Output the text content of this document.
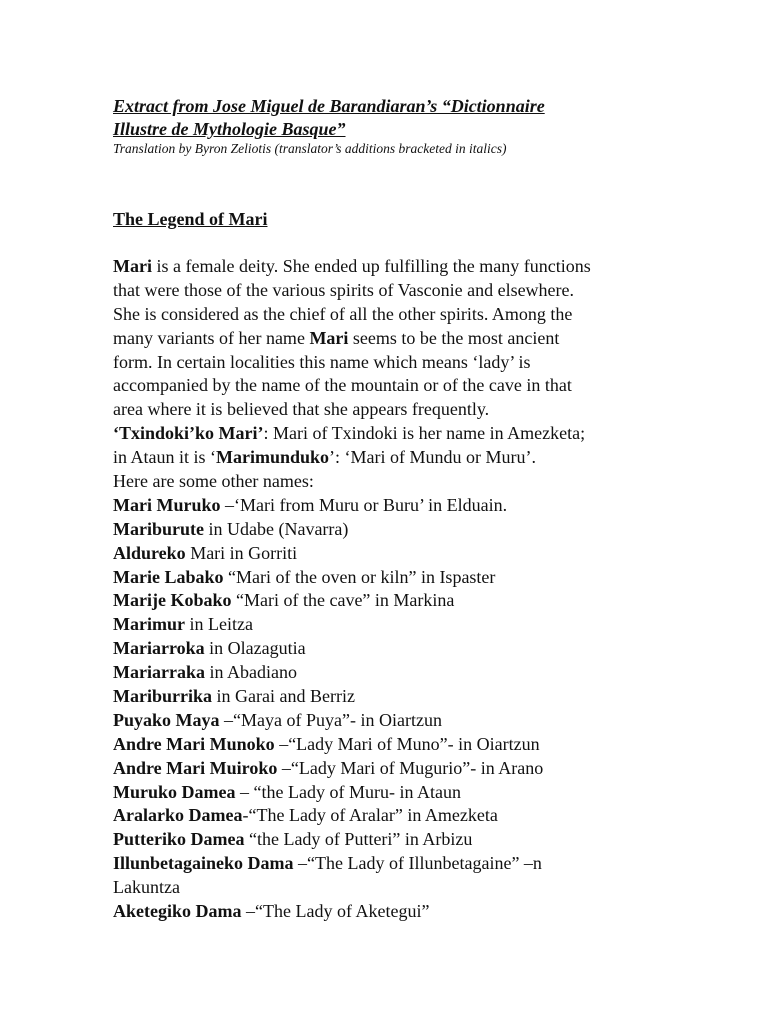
Extract from Jose Miguel de Barandiaran’s “Dictionnaire
Illustre de Mythologie Basque”
Translation by Byron Zeliotis (translator’s additions bracketed in italics)
The Legend of Mari
Mari is a female deity. She ended up fulfilling the many functions
that were those of the various spirits of Vasconie and elsewhere.
She is considered as the chief of all the other spirits. Among the
many variants of her name Mari seems to be the most ancient
form. In certain localities this name which means ‘lady’ is
accompanied by the name of the mountain or of the cave in that
area where it is believed that she appears frequently.
‘Txindoki’ko Mari’: Mari of Txindoki is her name in Amezketa;
in Ataun it is ‘Marimunduko’: ‘Mari of Mundu or Muru’.
Here are some other names:
Mari Muruko –‘Mari from Muru or Buru’ in Elduain.
Mariburute in Udabe (Navarra)
Aldureko Mari in Gorriti
Marie Labako “Mari of the oven or kiln” in Ispaster
Marije Kobako “Mari of the cave” in Markina
Marimur in Leitza
Mariarroka in Olazagutia
Mariarraka in Abadiano
Mariburrika in Garai and Berriz
Puyako Maya –“Maya of Puya”- in Oiartzun
Andre Mari Munoko –“Lady Mari of Muno”- in Oiartzun
Andre Mari Muiroko –“Lady Mari of Mugurio”- in Arano
Muruko Damea – “the Lady of Muru- in Ataun
Aralarko Damea-“The Lady of Aralar” in Amezketa
Putteriko Damea “the Lady of Putteri” in Arbizu
Illunbetagaineko Dama –“The Lady of Illunbetagaine” –n
Lakuntza
Aketegiko Dama –“The Lady of Aketegui”
